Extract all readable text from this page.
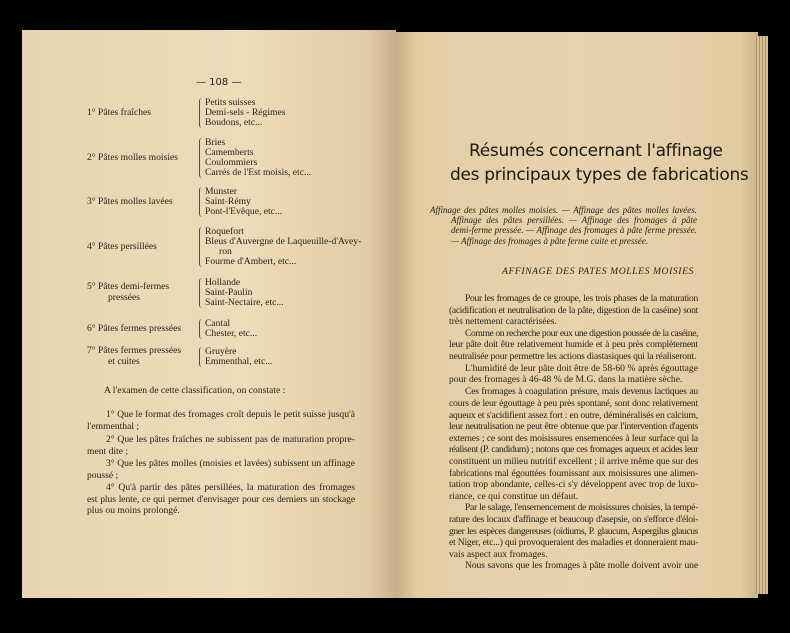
— 108 —
1° Pâtes fraîches
Petits suisses
Demi-sels - Régimes
Boudons, etc...
2° Pâtes molles moisies
Bries
Camemberts
Coulommiers
Carrés de l'Est moisis, etc...
3° Pâtes molles lavées
Munster
Saint-Rémy
Pont-l'Evêque, etc...
4° Pâtes persillées
Roquefort
Bleus d'Auvergne de Laqueuille-d'Avey-
ron
Fourme d'Ambert, etc...
5° Pâtes demi-fermes
pressées
Hollande
Saint-Paulin
Saint-Nectaire, etc...
6° Pâtes fermes pressées Cantal
Chester, etc...
7° Pâtes fermes pressées
et cuites
Gruyère
Emmenthal, etc...
A l'examen de cette classification, on constate :
1° Que le format des fromages croît depuis le petit suisse jusqu'à
l'emmenthal ;
2° Que les pâtes fraîches ne subissent pas de maturation propre-
ment dite ;
3° Que les pâtes molles (moisies et lavées) subissent un affinage
poussé ;
4° Qu'à partir des pâtes persillées, la maturation des fromages
est plus lente, ce qui permet d'envisager pour ces derniers un stockage
plus ou moins prolongé.
Résumés concernant l'affinage
des principaux types de fabrications
AFFINAGE DES PATES MOLLES MOISIES
Affinage des pâtes molles moisies. — Affinage des pâtes molles lavées.
Affinage des pâtes persillées. — Affinage des fromages à pâte
demi-ferme pressée. — Affinage des fromages à pâte ferme pressée.
— Affinage des fromages à pâte ferme cuite et pressée.
Pour les fromages de ce groupe, les trois phases de la maturation
(acidification et neutralisation de la pâte, digestion de la caséine) sont
très nettement caractérisées.
Comme on recherche pour eux une digestion poussée de la caséine,
leur pâte doit être relativement humide et à peu près complètement
neutralisée pour permettre les actions diastasiques qui la réaliseront.
L'humidité de leur pâte doit être de 58-60 % après égouttage
pour des fromages à 46-48 % de M.G. dans la matière sèche.
Ces fromages à coagulation présure, mais devenus lactiques au
cours de leur égouttage à peu près spontané, sont donc relativement
aqueux et s'acidifient assez fort : en outre, déminéralisés en calcium,
leur neutralisation ne peut être obtenue que par l'intervention d'agents
externes ; ce sont des moisissures ensemencées à leur surface qui la
réalisent (P. candidum) ; notons que ces fromages aqueux et acides leur
constituent un milieu nutritif excellent ; il arrive même que sur des
fabrications mal égouttées fournissant aux moisissures une alimen-
tation trop abondante, celles-ci s'y développent avec trop de luxu-
riance, ce qui constitue un défaut.
Par le salage, l'ensemencement de moisissures choisies, la tempé-
rature des locaux d'affinage et beaucoup d'asepsie, on s'efforce d'éloi-
gner les espèces dangereuses (oïdiums, P. glaucum, Aspergilus glaucus
et Niger, etc...) qui provoqueraient des maladies et donneraient mau-
vais aspect aux fromages.
Nous savons que les fromages à pâte molle doivent avoir une
